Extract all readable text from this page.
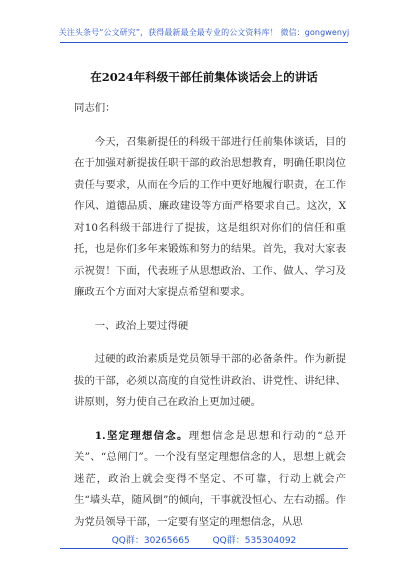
关注头条号“公文研究”，获得最新最全最专业的公文资料库！ 微信：gongwenyj
在2024年科级干部任前集体谈话会上的讲话

同志们：

今天，召集新提任的科级干部进行任前集体谈话，目的在于加强对新提拔任职干部的政治思想教育，明确任职岗位责任与要求，从而在今后的工作中更好地履行职责，在工作作风、道德品质、廉政建设等方面严格要求自己。这次，X对10名科级干部进行了提拔，这是组织对你们的信任和重托，也是你们多年来锻炼和努力的结果。首先，我对大家表示祝贺！下面，代表班子从思想政治、工作、做人、学习及廉政五个方面对大家提点希望和要求。

一、政治上要过得硬

过硬的政治素质是党员领导干部的必备条件。作为新提拔的干部，必须以高度的自觉性讲政治、讲党性、讲纪律、讲原则，努力使自己在政治上更加过硬。

1.坚定理想信念。理想信念是思想和行动的“总开关”、“总闸门”。一个没有坚定理想信念的人，思想上就会迷茫，政治上就会变得不坚定、不可靠，行动上就会产生“墙头草，随风倒”的倾向，干事就没恒心、左右动摇。作为党员领导干部，一定要有坚定的理想信念，从思

QQ群：30265665	QQ群：535304092
